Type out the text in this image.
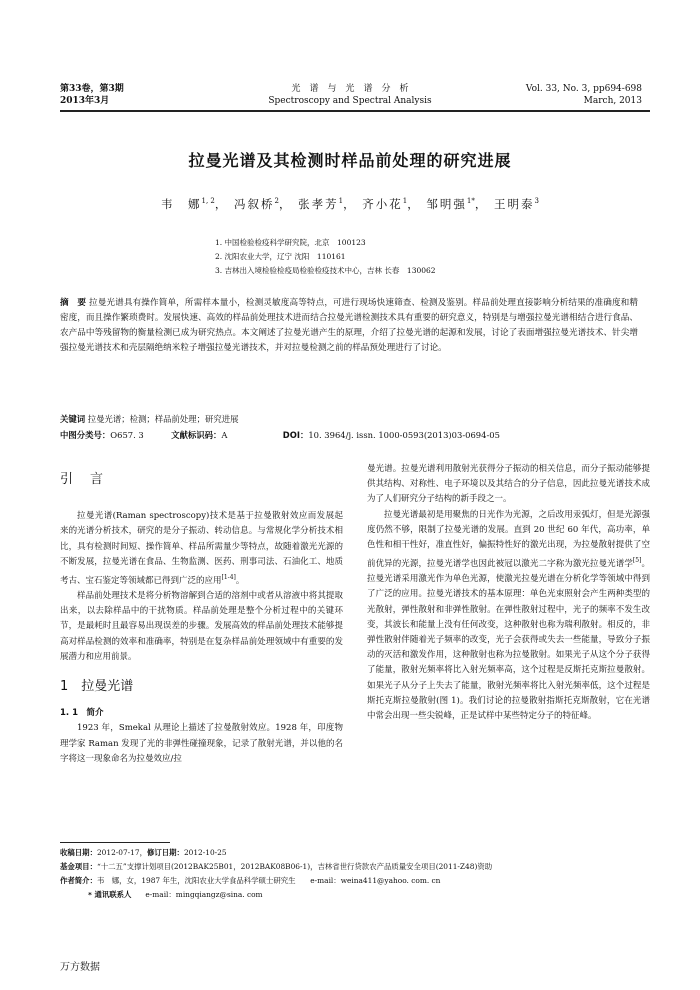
第33卷，第3期
2013年3月
光　谱　与　光　谱　分　析
Spectroscopy and Spectral Analysis
Vol. 33, No. 3, pp694-698
March, 2013
拉曼光谱及其检测时样品前处理的研究进展
韦　娜$^{1, 2}$， 冯叙桥$^2$， 张孝芳$^1$， 齐小花$^1$， 邹明强$^{1*}$， 王明泰$^3$
1. 中国检验检疫科学研究院，北京　100123
2. 沈阳农业大学，辽宁 沈阳　110161
3. 吉林出入境检验检疫局检验检疫技术中心，吉林 长春　130062
摘　要 拉曼光谱具有操作简单，所需样本量小，检测灵敏度高等特点，可进行现场快速筛查、检测及鉴别。样品前处理直接影响分析结果的准确度和精密度，而且操作繁琐费时。发展快速、高效的样品前处理技术进而结合拉曼光谱检测技术具有重要的研究意义，特别是与增强拉曼光谱相结合进行食品、农产品中等残留物的衡量检测已成为研究热点。本文阐述了拉曼光谱产生的原理，介绍了拉曼光谱的起源和发展，讨论了表面增强拉曼光谱技术、针尖增强拉曼光谱技术和壳层隔绝纳米粒子增强拉曼光谱技术，并对拉曼检测之前的样品预处理进行了讨论。
关键词 拉曼光谱；检测；样品前处理；研究进展
中图分类号：O657. 3	文献标识码：A	DOI：10. 3964/j. issn. 1000-0593(2013)03-0694-05
引　言

拉曼光谱(Raman spectroscopy)技术是基于拉曼散射效应而发展起来的光谱分析技术，研究的是分子振动、转动信息。与常规化学分析技术相比，具有检测时间短、操作简单、样品所需量少等特点，故随着激光光源的不断发展，拉曼光谱在食品、生物监测、医药、刑事司法、石油化工、地质考古、宝石鉴定等领域都已得到广泛的应用[1-4]。

样品前处理技术是将分析物溶解到合适的溶剂中或者从溶液中将其提取出来，以去除样品中的干扰物质。样品前处理是整个分析过程中的关键环节，是最耗时且最容易出现误差的步骤。发展高效的样品前处理技术能够提高对样品检测的效率和准确率，特别是在复杂样品前处理领域中有重要的发展潜力和应用前景。

1　拉曼光谱
1. 1　简介

1923 年，Smekal 从理论上描述了拉曼散射效应。1928 年，印度物理学家 Raman 发现了光的非弹性碰撞现象，记录了散射光谱，并以他的名字将这一现象命名为拉曼效应/拉

曼光谱。拉曼光谱利用散射光获得分子振动的相关信息，而分子振动能够提供其结构、对称性、电子环境以及其结合的分子信息，因此拉曼光谱技术成为了人们研究分子结构的新手段之一。

拉曼光谱最初是用聚焦的日光作为光源，之后改用汞弧灯，但是光源强度仍然不够，限制了拉曼光谱的发展。直到 20 世纪 60 年代，高功率，单色性和相干性好，准直性好，偏振特性好的激光出现，为拉曼散射提供了空前优异的光源，拉曼光谱学也因此被冠以激光二字称为激光拉曼光谱学[5]。拉曼光谱采用激光作为单色光源，使激光拉曼光谱在分析化学等领域中得到了广泛的应用。拉曼光谱技术的基本原理：单色光束照射会产生两种类型的光散射，弹性散射和非弹性散射。在弹性散射过程中，光子的频率不发生改变，其波长和能量上没有任何改变，这种散射也称为瑞利散射。相反的，非弹性散射伴随着光子频率的改变，光子会获得或失去一些能量，导致分子振动的灭活和激发作用，这种散射也称为拉曼散射。如果光子从这个分子获得了能量，散射光频率将比入射光频率高，这个过程是反斯托克斯拉曼散射。如果光子从分子上失去了能量，散射光频率将比入射光频率低，这个过程是斯托克斯拉曼散射(图 1)。我们讨论的拉曼散射指斯托克斯散射，它在光谱中常会出现一些尖锐峰，正是试样中某些特定分子的特征峰。

收稿日期：2012-07-17，修订日期：2012-10-25
基金项目：“十二五”支撑计划项目(2012BAK25B01，2012BAK08B06-1)，吉林省世行贷款农产品质量安全项目(2011-Z48)资助
作者简介：韦　娜，女，1987 年生，沈阳农业大学食品科学硕士研究生　　e-mail：weina411@yahoo. com. cn
* 通讯联系人 e-mail：mingqiangz@sina. com
万方数据
